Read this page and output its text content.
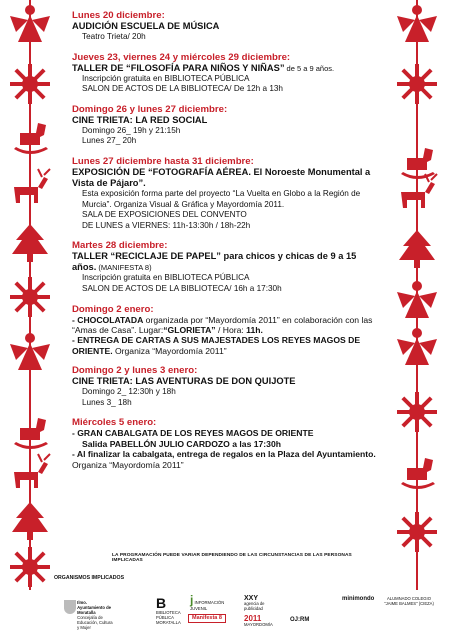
Lunes 20 diciembre:
AUDICIÓN ESCUELA DE MÚSICA
Teatro Trieta/ 20h
Jueves 23, viernes 24 y miércoles 29 diciembre:
TALLER DE “FILOSOFÍA PARA NIÑOS Y NIÑAS” de 5 a 9 años.
Inscripción gratuita en BIBLIOTECA PÚBLICA
SALON DE ACTOS DE LA BIBLIOTECA/ De 12h a 13h
Domingo 26 y lunes 27 diciembre:
CINE TRIETA: LA RED SOCIAL
Domingo 26_ 19h y 21:15h
Lunes 27_ 20h
Lunes 27 diciembre hasta 31 diciembre:
EXPOSICIÓN DE “FOTOGRAFÍA AÉREA. El Noroeste Monumental a Vista de Pájaro”.
Esta exposición forma parte del proyecto “La Vuelta en Globo a la Región de Murcia”. Organiza Visual & Gráfica y Mayordomía 2011.
SALA DE EXPOSICIONES DEL CONVENTO
DE LUNES a VIERNES: 11h-13:30h / 18h-22h
Martes 28 diciembre:
TALLER “RECICLAJE DE PAPEL” para chicos y chicas de 9 a 15 años. (MANIFESTA 8)
Inscripción gratuita en BIBLIOTECA PÚBLICA
SALON DE ACTOS DE LA BIBLIOTECA/ 16h a 17:30h
Domingo 2 enero:
- CHOCOLATADA organizada por “Mayordomía 2011” en colaboración con las “Amas de Casa”. Lugar:“GLORIETA” / Hora: 11h.
- ENTREGA DE CARTAS A SUS MAJESTADES LOS REYES MAGOS DE ORIENTE. Organiza “Mayordomía 2011”
Domingo 2 y lunes 3 enero:
CINE TRIETA: LAS AVENTURAS DE DON QUIJOTE
Domingo 2_ 12:30h y 18h
Lunes 3_ 18h
Miércoles 5 enero:
- GRAN CABALGATA DE LOS REYES MAGOS DE ORIENTE
Salida PABELLÓN JULIO CARDOZO a las 17:30h
- Al finalizar la cabalgata, entrega de regalos en la Plaza del Ayuntamiento. Organiza “Mayordomía 2011”
LA PROGRAMACIÓN PUEDE VARIAR DEPENDIENDO DE LAS CIRCUNSTANCIAS DE LAS PERSONAS IMPLICADAS
ORGANISMOS IMPLICADOS
Ilmo. Ayuntamiento de Moratalla
Concejalía de Educación, Cultura y Mujer
B
BIBLIOTECA PÚBLICA MORATALLA
Manifesta 8
j INFORMACIÓN JUVENIL
XXY
agencia de publicidad
2011
MAYORDOMÍA
OJ:RM
minimondo	ALUMNADO COLEGIO "JAIME BALMES" (CIEZA)
